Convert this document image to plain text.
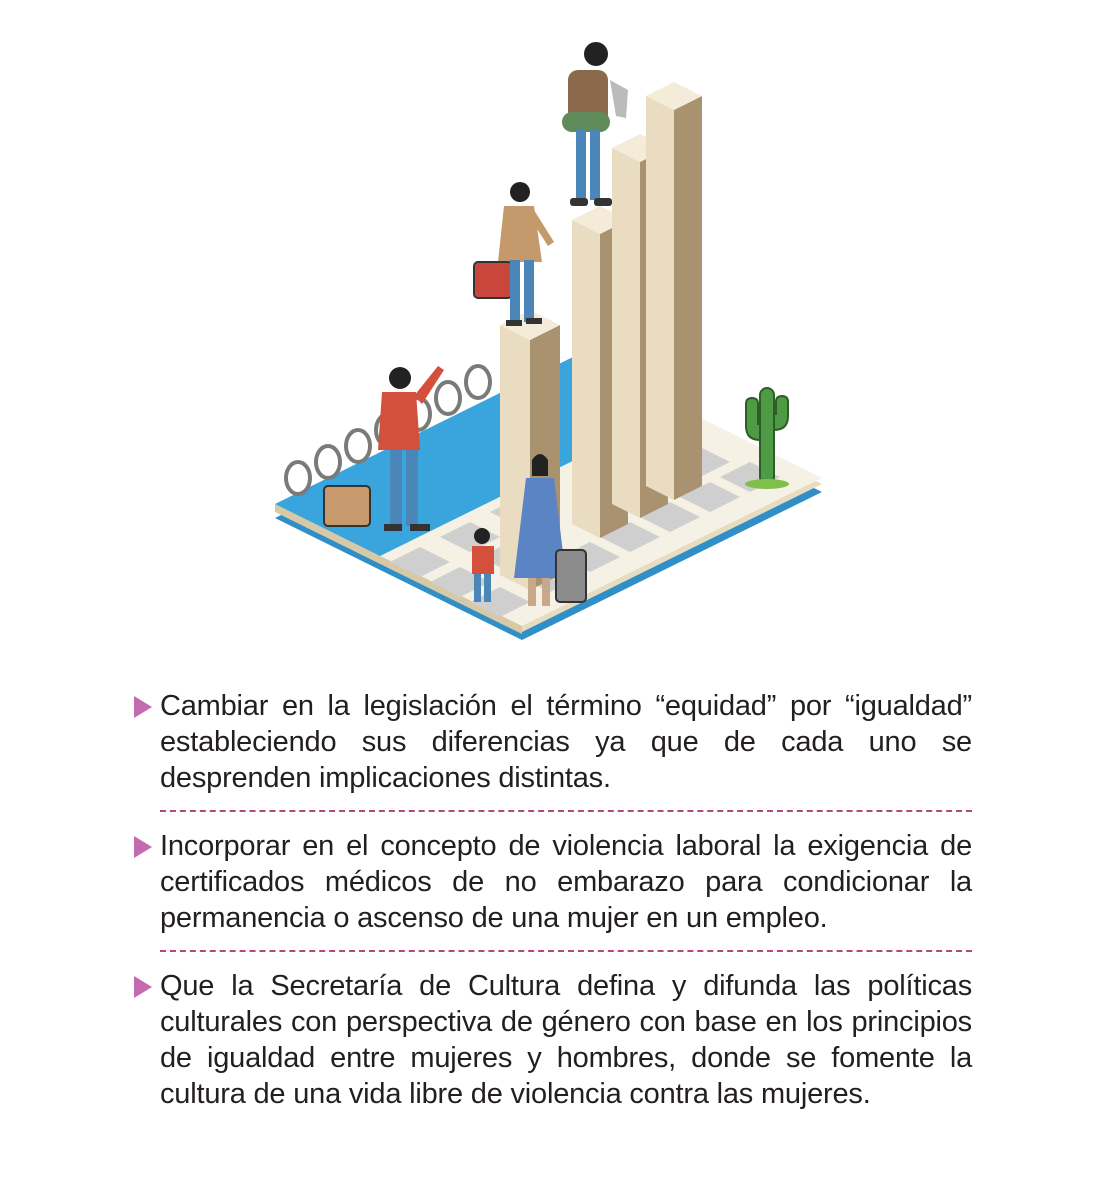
Cambiar en la legislación el término “equidad” por “igualdad” estableciendo sus diferencias ya que de cada uno se desprenden implicaciones distintas.
Incorporar en el concepto de violencia laboral la exigencia de certificados médicos de no embarazo para condicionar la permanencia o ascenso de una mujer en un empleo.
Que la Secretaría de Cultura defina y difunda las políticas culturales con perspectiva de género con base en los principios de igualdad entre mujeres y hombres, donde se fomente la cultura de una vida libre de violencia contra las mujeres.
